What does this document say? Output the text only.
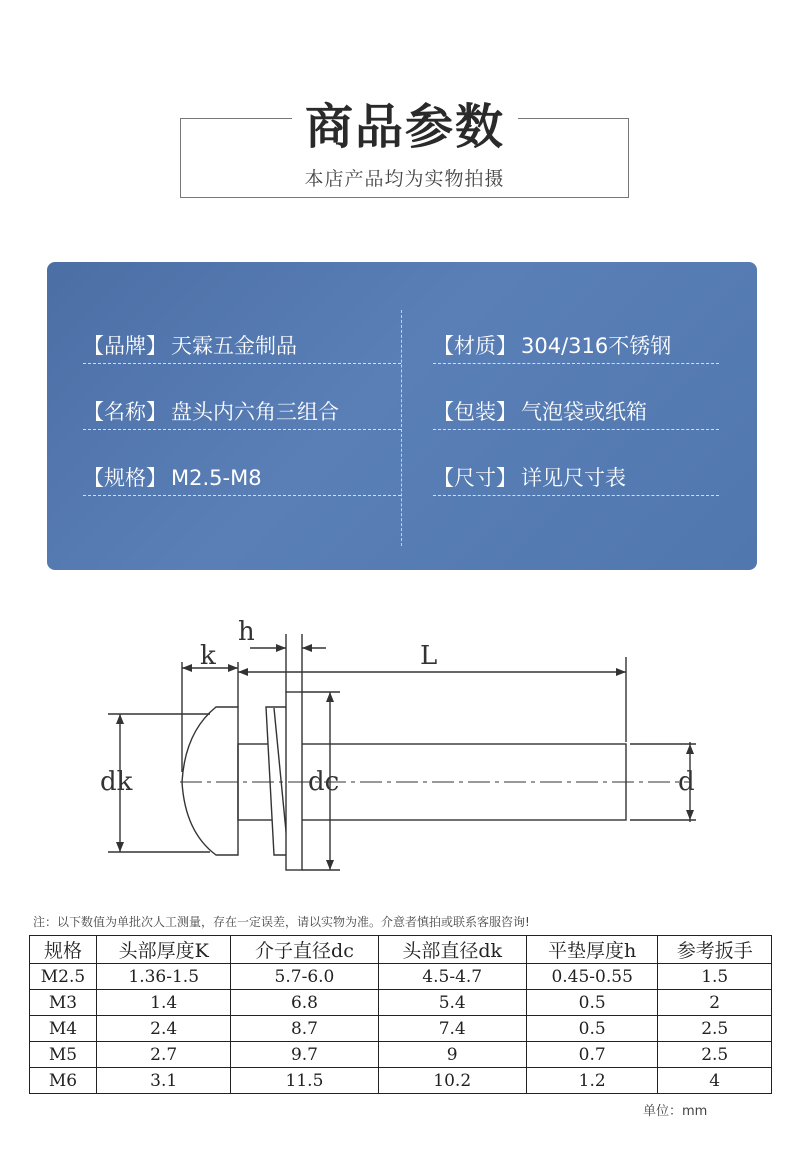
商品参数
本店产品均为实物拍摄
【品牌】 天霖五金制品	【材质】 304/316不锈钢
【名称】 盘头内六角三组合	【包装】 气泡袋或纸箱
【规格】 M2.5-M8	【尺寸】 详见尺寸表
h
k	L
dk	dc	d
注：以下数值为单批次人工测量，存在一定误差，请以实物为准。介意者慎拍或联系客服咨询!
规格	头部厚度K	介子直径dc	头部直径dk	平垫厚度h	参考扳手
M2.5	1.36-1.5	5.7-6.0	4.5-4.7	0.45-0.55	1.5
M3	1.4	6.8	5.4	0.5	2
M4	2.4	8.7	7.4	0.5	2.5
M5	2.7	9.7	9	0.7	2.5
M6	3.1	11.5	10.2	1.2	4
单位：mm
